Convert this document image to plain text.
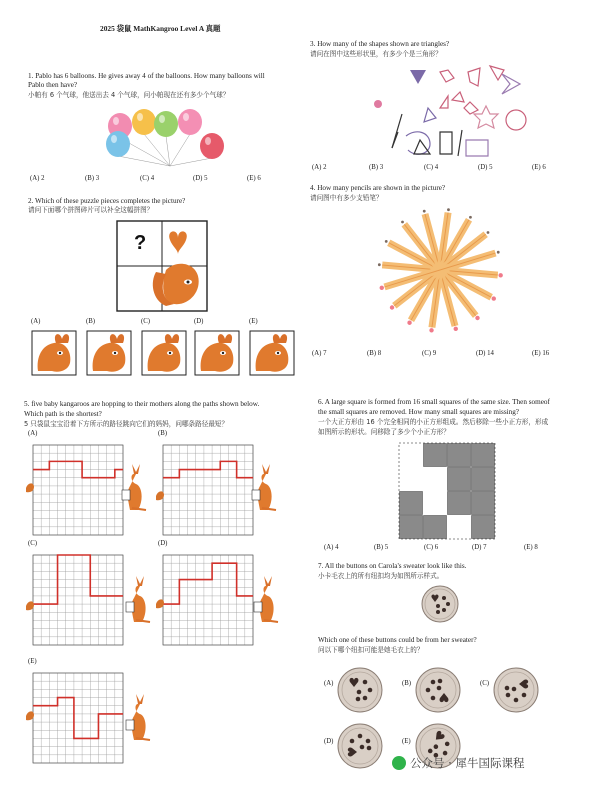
2025 袋鼠 MathKangroo Level A 真题
1. Pablo has 6 balloons. He gives away 4 of the balloons. How many balloons will
Pablo then have?
小帕有 6 个气球，他送出去 4 个气球，问小帕现在还有多少个气球？
(A) 2	(B) 3	(C) 4	(D) 5	(E) 6
2. Which of these puzzle pieces completes the picture?
请问下面哪个拼图碎片可以补全这幅拼图？
?
(A)	(B)	(C)	(D)	(E)
3. How many of the shapes shown are triangles?
请问在图中这些形状里，有多少个是三角形？
(A) 2	(B) 3	(C) 4	(D) 5	(E) 6
4. How many pencils are shown in the picture?
请问图中有多少支铅笔？
(A) 7	(B) 8	(C) 9	(D) 14	(E) 16
5. five baby kangaroos are hopping to their mothers along the paths shown below.
Which path is the shortest?
5 只袋鼠宝宝沿着下方所示的路径跳向它们的妈妈，问哪条路径最短？
(A)	(B)
(C)	(D)
(E)
6. A large square is formed from 16 small squares of the same size. Then someof
the small squares are removed. How many small squares are missing?
一个大正方形由 16 个完全相同的小正方形组成。然后移除一些小正方形，形成
如图所示的形状。问移除了多少个小正方形？
(A) 4	(B) 5	(C) 6	(D) 7	(E) 8
7. All the buttons on Carola's sweater look like this.
小卡毛衣上的所有纽扣均为如图所示样式。
Which one of these buttons could be from her sweater?
问以下哪个纽扣可能是她毛衣上的？
(A)	(B)	(C)
(D)	(E)
公众号 · 犀牛国际课程
